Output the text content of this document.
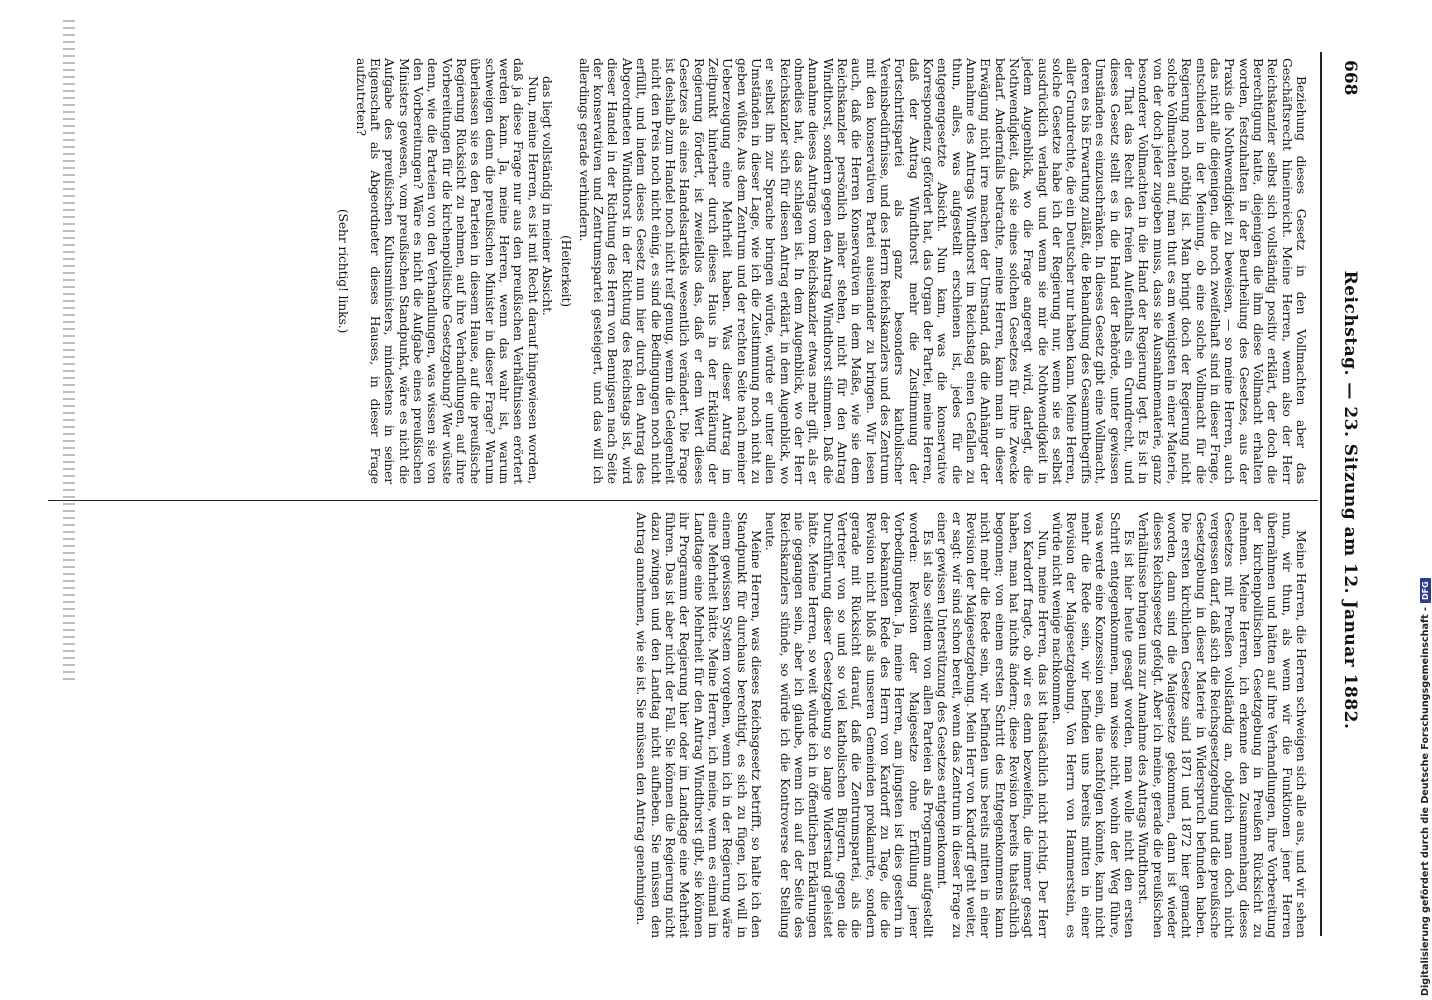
668
Reichstag. — 23. Sitzung am 12. Januar 1882.

Beziehung dieses Gesetz in den Vollmachten aber das Geschäftsrecht hineinreicht. Meine Herren, wenn also der Herr Reichskanzler selbst sich vollständig positiv erklärt, der doch die Berechtigung hatte, diejenigen die ihm diese Vollmacht erhalten worden, festzuhalten in der Beurtheilung des Gesetzes, aus der Praxis die Nothwendigkeit zu beweisen, — so meine Herren, auch das nicht alle diejenigen, die noch zweifelhaft sind in dieser Frage, entschieden in der Meinung, ob eine solche Vollmacht für die Regierung noch nöthig ist. Man bringt doch der Regierung nicht solche Vollmachten auf, man thut es am wenigsten in einer Materie, von der doch jeder zugeben muss, dass sie Ausnahmematerie, ganz besonderer Vollmachten in die Hand der Regierung legt. Es ist in der That das Recht des freien Aufenthalts ein Grundrecht, und dieses Gesetz stellt es in die Hand der Behörde, unter gewissen Umständen es einzuschränken. In dieses Gesetz gibt eine Vollmacht, deren es bis Erwartung zuläßt, die Behandlung des Gesammtbegriffs aller Grundrechte, die ein Deutscher nur haben kann. Meine Herren, solche Gesetze habe ich der Regierung nur, wenn sie es selbst ausdrücklich verlangt und wenn sie mir die Nothwendigkeit in jedem Augenblick, wo die Frage angeregt wird, darlegt, die Nothwendigkeit, daß sie eines solchen Gesetzes für ihre Zwecke bedarf. Andernfalls betrachte, meine Herren, kann man in dieser Erwägung nicht irre machen der Umstand, daß die Anhänger der Annahme des Antrags Windthorst im Reichstag einen Gefallen zu thun, alles, was aufgestellt erschienen ist, jedes für die entgegengesetzte Absicht. Nun kam, was die konservative Korrespondenz gefördert hat, das Organ der Partei, meine Herren, daß der Antrag Windthorst mehr die Zustimmung der Fortschrittspartei als ganz besonders katholischer Vereinsbedürfnisse, und des Herrn Reichskanzlers und des Zentrum mit den konservativen Partei auseinander zu bringen. Wir lesen auch, daß die Herren Konservativen in dem Maße, wie sie dem Reichskanzler persönlich näher stehen, nicht für den Antrag Windthorst, sondern gegen den Antrag Windthorst stimmen. Daß die Annahme dieses Antrags vom Reichskanzler etwas mehr gilt, als er ohnedies hat, das schlagen ist. In dem Augenblick, wo der Herr Reichskanzler sich für diesen Antrag erklärt, in dem Augenblick, wo er selbst ihn zur Sprache bringen würde, würde er unter allen Umständen in dieser Lage, wie ich die Zustimmung noch nicht zu geben wüßte. Aus dem Zentrum und der rechten Seite nach meiner Ueberzeugung eine Mehrheit haben. Was dieser Antrag im Zeitpunkt hinterher durch dieses Haus in der Erklärung der Regierung fördert, ist zweifellos das, daß er dem Wert dieses Gesetzes als eines Handelsartikels wesentlich verändert. Die Frage ist deshalb zum Handel noch nicht reif genug, wenn die Gelegenheit nicht den Preis noch nicht einig, es sind die Bedingungen noch nicht erfüllt, und indem dieses Gesetz nun hier durch den Antrag des Abgeordneten Windthorst in der Richtung des Reichstags ist, wird dieser Handel in der Richtung des Herrn von Bennigsen nach Seite der konservativen und Zentrumspartei gesteigert, und das will ich allerdings gerade verhindern.

(Heiterkeit)

das liegt vollständig in meiner Absicht.

Nun, meine Herren, es ist mit Recht darauf hingewiesen worden, daß ja diese Frage nur aus den preußischen Verhältnissen erörtert werden kann. Ja, meine Herren, wenn das wahr ist, warum schweigen denn die preußischen Minister in dieser Frage? Warum überlassen sie es den Parteien in diesem Hause, auf die preußische Regierung Rücksicht zu nehmen, auf ihre Verhandlungen, auf ihre Vorbereitungen für die kirchenpolitische Gesetzgebung? Wer wüsste denn, wie die Parteien von den Verhandlungen, was wissen sie von den Vorbereitungen? Wäre es nicht die Aufgabe eines preußischen Ministers gewesen, vom preußischen Standpunkt, wäre es nicht die Aufgabe des preußischen Kultusministers, mindestens in seiner Eigenschaft als Abgeordneter dieses Hauses, in dieser Frage aufzutreten?

(Sehr richtig! links.)

Meine Herren, die Herren schweigen sich alle aus, und wir sehen nun, wir thun, als wenn wir die Funktionen jener Herren übernähmen und hätten auf ihre Verhandlungen, ihre Vorbereitung der kirchenpolitischen Gesetzgebung in Preußen Rücksicht zu nehmen. Meine Herren, ich erkenne den Zusammenhang dieses Gesetzes mit Preußen vollständig an, obgleich man doch nicht vergessen darf, daß sich die Reichsgesetzgebung und die preußische Gesetzgebung in dieser Materie in Widerspruch befunden haben. Die ersten kirchlichen Gesetze sind 1871 und 1872 hier gemacht worden, dann sind die Maigesetze gekommen, dann ist wieder dieses Reichsgesetz gefolgt. Aber ich meine, gerade die preußischen Verhältnisse bringen uns zur Annahme des Antrags Windthorst.

Es ist hier heute gesagt worden, man wolle nicht den ersten Schritt entgegenkommen, man wisse nicht, wohin der Weg führe, was werde eine Konzession sein, die nachfolgen könnte, kann nicht mehr die Rede sein, wir befinden uns bereits mitten in einer Revision der Maigesetzgebung. Von Herrn von Hammerstein, es würde nicht wenige nachkommen.

Nun, meine Herren, das ist thatsächlich nicht richtig. Der Herr von Kardorff fragte, ob wir es denn bezweifeln, die immer gesagt haben, man hat nichts ändern; diese Revision bereits thatsächlich begonnen; von einem ersten Schritt des Entgegenkommens kann nicht mehr die Rede sein, wir befinden uns bereits mitten in einer Revision der Maigesetzgebung. Mein Herr von Kardorff geht weiter, er sagt: wir sind schon bereit, wenn das Zentrum in dieser Frage zu einer gewissen Unterstützung des Gesetzes entgegenkommt.

Es ist also seitdem von allen Parteien als Programm aufgestellt worden: Revision der Maigesetze ohne Erfüllung jener Vorbedingungen. Ja, meine Herren, am jüngsten ist dies gestern in der bekannten Rede des Herrn von Kardorff zu Tage, die die Revision nicht bloß als unseren Gemeinden proklamirte, sondern gerade mit Rücksicht darauf, daß die Zentrumspartei, als die Vertreter von so und so viel katholischen Bürgern, gegen die Durchführung dieser Gesetzgebung so lange Widerstand geleistet hätte. Meine Herren, so weit würde ich in öffentlichen Erklärungen nie gegangen sein, aber ich glaube, wenn ich auf der Seite des Reichskanzlers stünde, so würde ich die Kontroverse der Stellung heute.

Meine Herren, was dieses Reichsgesetz betrifft, so halte ich den Standpunkt für durchaus berechtigt, es sich zu fügen, ich will in einem gewissen System vorgehen, wenn ich in der Regierung wäre eine Mehrheit hätte. Meine Herren, ich meine, wenn es einmal im Landtage eine Mehrheit für den Antrag Windthorst gibt, sie können ihr Programm der Regierung hier oder im Landtage eine Mehrheit führen. Das ist aber nicht der Fall. Sie können die Regierung nicht dazu zwingen und den Landtag nicht aufheben. Sie müssen den Antrag annehmen, wie sie ist. Sie müssen den Antrag genehmigen.	Digitalisierung gefördert durch die Deutsche Forschungsgemeinschaft -
DFG
